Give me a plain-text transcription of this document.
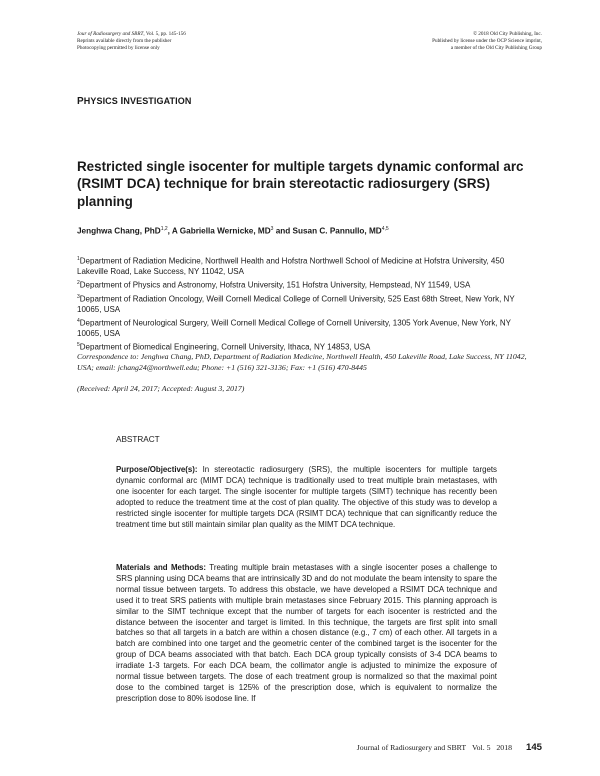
Jour of Radiosurgery and SBRT, Vol. 5, pp. 145-156
Reprints available directly from the publisher
Photocopying permitted by license only
© 2018 Old City Publishing, Inc.
Published by license under the OCP Science imprint,
a member of the Old City Publishing Group
PHYSICS INVESTIGATION
Restricted single isocenter for multiple targets dynamic conformal arc (RSIMT DCA) technique for brain stereotactic radiosurgery (SRS) planning
Jenghwa Chang, PhD$^{1,2}$, A Gabriella Wernicke, $MD^3$ and Susan C. Pannullo, MD$^{4,5}$

$^1$Department of Radiation Medicine, Northwell Health and Hofstra Northwell School of Medicine at Hofstra University, 450 Lakeville Road, Lake Success, NY 11042, USA

$^2$Department of Physics and Astronomy, Hofstra University, 151 Hofstra University, Hempstead, NY 11549, USA

$^3$Department of Radiation Oncology, Weill Cornell Medical College of Cornell University, 525 East 68th Street, New York, NY 10065, USA

$^4$Department of Neurological Surgery, Weill Cornell Medical College of Cornell University, 1305 York Avenue, New York, NY 10065, USA

$^5$Department of Biomedical Engineering, Cornell University, Ithaca, NY 14853, USA

Correspondence to: Jenghwa Chang, PhD, Department of Radiation Medicine, Northwell Health, 450 Lakeville Road, Lake Success, NY 11042, USA; email: jchang24@northwell.edu; Phone: +1 (516) 321-3136; Fax: +1 (516) 470-8445
(Received: April 24, 2017; Accepted: August 3, 2017)
ABSTRACT
Purpose/Objective(s): In stereotactic radiosurgery (SRS), the multiple isocenters for multiple targets dynamic conformal arc (MIMT DCA) technique is traditionally used to treat multiple brain metastases, with one isocenter for each target. The single isocenter for multiple targets (SIMT) technique has recently been adopted to reduce the treatment time at the cost of plan quality. The objective of this study was to develop a restricted single isocenter for multiple targets DCA (RSIMT DCA) technique that can significantly reduce the treatment time but still maintain similar plan quality as the MIMT DCA technique.
Materials and Methods: Treating multiple brain metastases with a single isocenter poses a challenge to SRS planning using DCA beams that are intrinsically 3D and do not modulate the beam intensity to spare the normal tissue between targets. To address this obstacle, we have developed a RSIMT DCA technique and used it to treat SRS patients with multiple brain metastases since February 2015. This planning approach is similar to the SIMT technique except that the number of targets for each isocenter is restricted and the distance between the isocenter and target is limited. In this technique, the targets are first split into small batches so that all targets in a batch are within a chosen distance (e.g., 7 cm) of each other. All targets in a batch are combined into one target and the geometric center of the combined target is the isocenter for the group of DCA beams associated with that batch. Each DCA group typically consists of 3-4 DCA beams to irradiate 1-3 targets. For each DCA beam, the collimator angle is adjusted to minimize the exposure of normal tissue between targets. The dose of each treatment group is normalized so that the maximal point dose to the combined target is 125% of the prescription dose, which is equivalent to normalize the prescription dose to 80% isodose line. If
Journal of Radiosurgery and SBRT Vol. 5 2018 145
